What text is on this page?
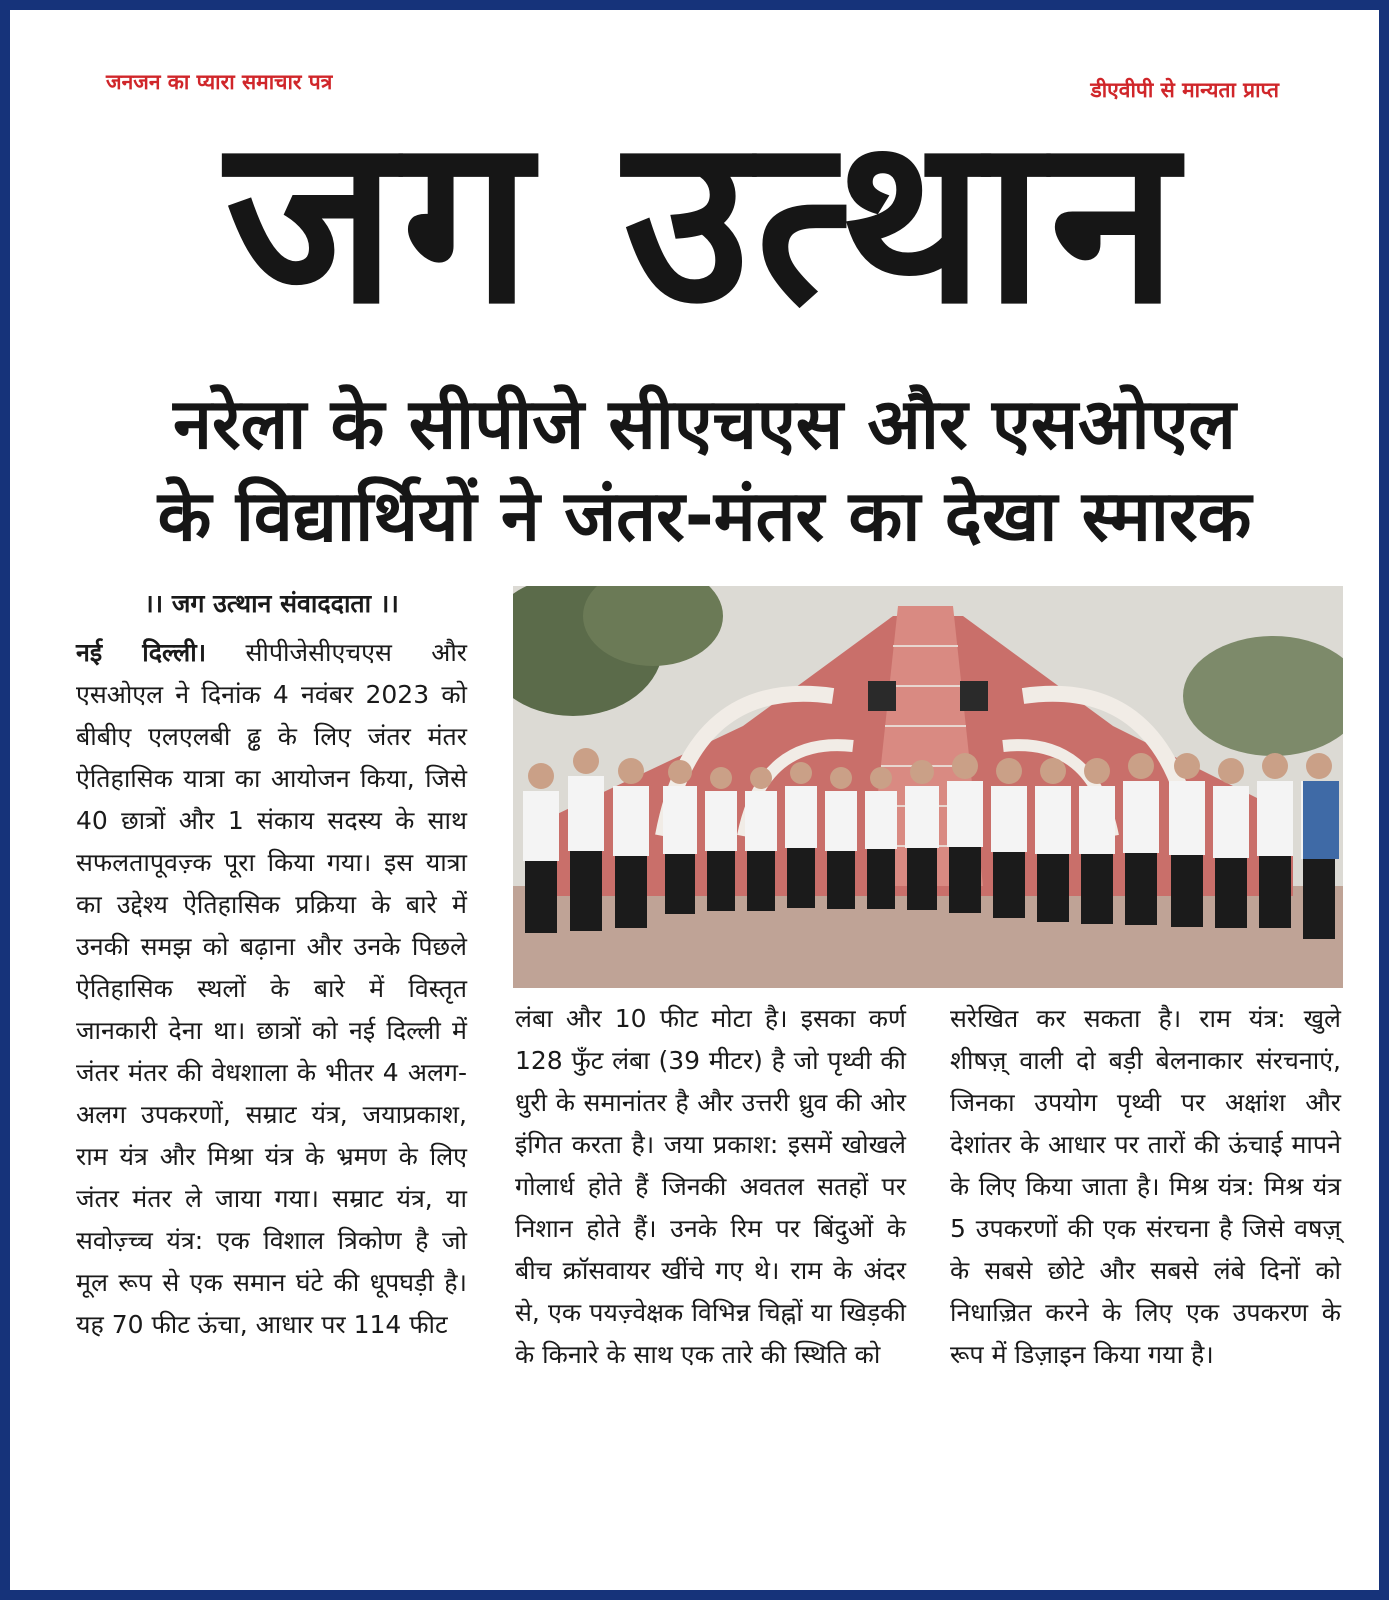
जनजन का प्यारा समाचार पत्र	डीएवीपी से मान्यता प्राप्त
जग उत्थान
नरेला के सीपीजे सीएचएस और एसओएल
के विद्यार्थियों ने जंतर-मंतर का देखा स्मारक
।। जग उत्थान संवाददाता ।।
नई दिल्ली। सीपीजेसीएचएस और एसओएल ने दिनांक 4 नवंबर 2023 को बीबीए एलएलबी ढ्ढ के लिए जंतर मंतर ऐतिहासिक यात्रा का आयोजन किया, जिसे 40 छात्रों और 1 संकाय सदस्य के साथ सफलतापूवज़्क पूरा किया गया। इस यात्रा का उद्देश्य ऐतिहासिक प्रक्रिया के बारे में उनकी समझ को बढ़ाना और उनके पिछले ऐतिहासिक स्थलों के बारे में विस्तृत जानकारी देना था। छात्रों को नई दिल्ली में जंतर मंतर की वेधशाला के भीतर 4 अलग-अलग उपकरणों, सम्राट यंत्र, जयाप्रकाश, राम यंत्र और मिश्रा यंत्र के भ्रमण के लिए जंतर मंतर ले जाया गया। सम्राट यंत्र, या सवोज़्च्च यंत्र: एक विशाल त्रिकोण है जो मूल रूप से एक समान घंटे की धूपघड़ी है। यह 70 फीट ऊंचा, आधार पर 114 फीट
लंबा और 10 फीट मोटा है। इसका कर्ण 128 फुँट लंबा (39 मीटर) है जो पृथ्वी की धुरी के समानांतर है और उत्तरी ध्रुव की ओर इंगित करता है। जया प्रकाश: इसमें खोखले गोलार्ध होते हैं जिनकी अवतल सतहों पर निशान होते हैं। उनके रिम पर बिंदुओं के बीच क्रॉसवायर खींचे गए थे। राम के अंदर से, एक पयज़्वेक्षक विभिन्न चिह्नों या खिड़की के किनारे के साथ एक तारे की स्थिति को
सरेखित कर सकता है। राम यंत्र: खुले शीषज़् वाली दो बड़ी बेलनाकार संरचनाएं, जिनका उपयोग पृथ्वी पर अक्षांश और देशांतर के आधार पर तारों की ऊंचाई मापने के लिए किया जाता है। मिश्र यंत्र: मिश्र यंत्र 5 उपकरणों की एक संरचना है जिसे वषज़् के सबसे छोटे और सबसे लंबे दिनों को निधाज़्रित करने के लिए एक उपकरण के रूप में डिज़ाइन किया गया है।
